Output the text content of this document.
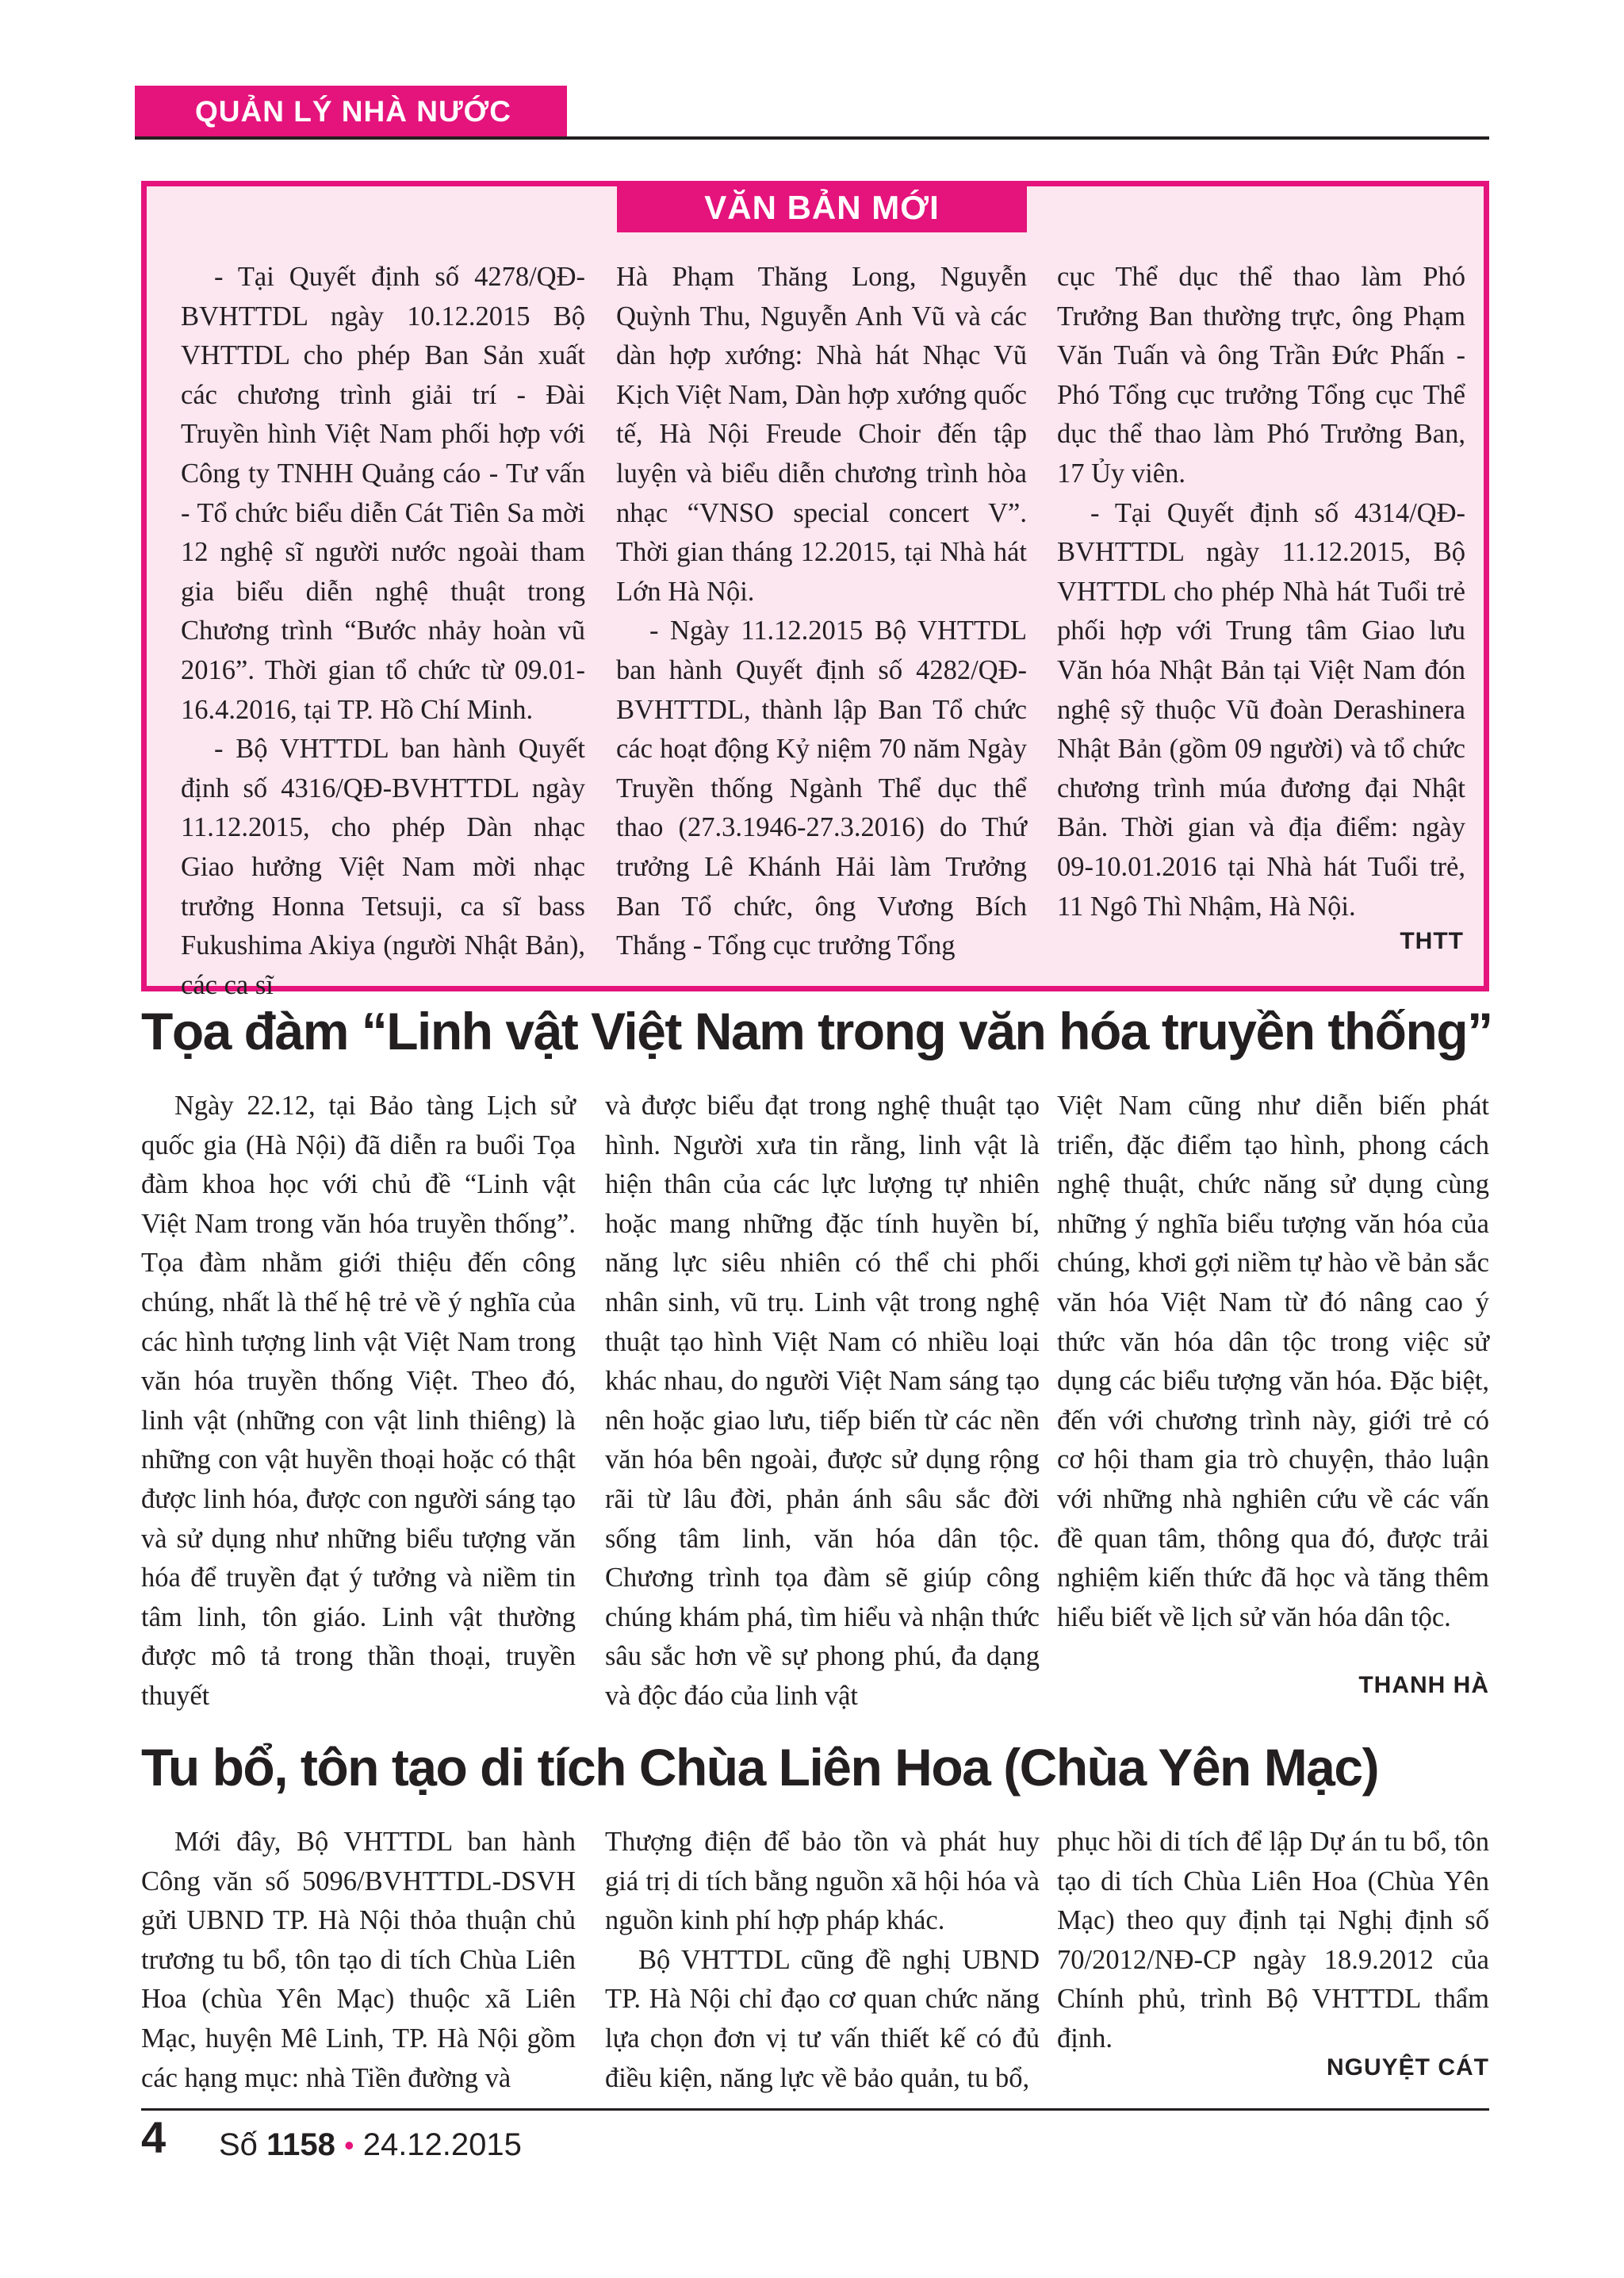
QUẢN LÝ NHÀ NƯỚC
VĂN BẢN MỚI

- Tại Quyết định số 4278/QĐ-BVHTTDL ngày 10.12.2015 Bộ VHTTDL cho phép Ban Sản xuất các chương trình giải trí - Đài Truyền hình Việt Nam phối hợp với Công ty TNHH Quảng cáo - Tư vấn - Tổ chức biểu diễn Cát Tiên Sa mời 12 nghệ sĩ người nước ngoài tham gia biểu diễn nghệ thuật trong Chương trình “Bước nhảy hoàn vũ 2016”. Thời gian tổ chức từ 09.01-16.4.2016, tại TP. Hồ Chí Minh.

- Bộ VHTTDL ban hành Quyết định số 4316/QĐ-BVHTTDL ngày 11.12.2015, cho phép Dàn nhạc Giao hưởng Việt Nam mời nhạc trưởng Honna Tetsuji, ca sĩ bass Fukushima Akiya (người Nhật Bản), các ca sĩ

Hà Phạm Thăng Long, Nguyễn Quỳnh Thu, Nguyễn Anh Vũ và các dàn hợp xướng: Nhà hát Nhạc Vũ Kịch Việt Nam, Dàn hợp xướng quốc tế, Hà Nội Freude Choir đến tập luyện và biểu diễn chương trình hòa nhạc “VNSO special concert V”. Thời gian tháng 12.2015, tại Nhà hát Lớn Hà Nội.

- Ngày 11.12.2015 Bộ VHTTDL ban hành Quyết định số 4282/QĐ-BVHTTDL, thành lập Ban Tổ chức các hoạt động Kỷ niệm 70 năm Ngày Truyền thống Ngành Thể dục thể thao (27.3.1946-27.3.2016) do Thứ trưởng Lê Khánh Hải làm Trưởng Ban Tổ chức, ông Vương Bích Thắng - Tổng cục trưởng Tổng

cục Thể dục thể thao làm Phó Trưởng Ban thường trực, ông Phạm Văn Tuấn và ông Trần Đức Phấn - Phó Tổng cục trưởng Tổng cục Thể dục thể thao làm Phó Trưởng Ban, 17 Ủy viên.

- Tại Quyết định số 4314/QĐ-BVHTTDL ngày 11.12.2015, Bộ VHTTDL cho phép Nhà hát Tuổi trẻ phối hợp với Trung tâm Giao lưu Văn hóa Nhật Bản tại Việt Nam đón nghệ sỹ thuộc Vũ đoàn Derashinera Nhật Bản (gồm 09 người) và tổ chức chương trình múa đương đại Nhật Bản. Thời gian và địa điểm: ngày 09-10.01.2016 tại Nhà hát Tuổi trẻ, 11 Ngô Thì Nhậm, Hà Nội.

THTT
Tọa đàm “Linh vật Việt Nam trong văn hóa truyền thống”

Ngày 22.12, tại Bảo tàng Lịch sử quốc gia (Hà Nội) đã diễn ra buổi Tọa đàm khoa học với chủ đề “Linh vật Việt Nam trong văn hóa truyền thống”. Tọa đàm nhằm giới thiệu đến công chúng, nhất là thế hệ trẻ về ý nghĩa của các hình tượng linh vật Việt Nam trong văn hóa truyền thống Việt. Theo đó, linh vật (những con vật linh thiêng) là những con vật huyền thoại hoặc có thật được linh hóa, được con người sáng tạo và sử dụng như những biểu tượng văn hóa để truyền đạt ý tưởng và niềm tin tâm linh, tôn giáo. Linh vật thường được mô tả trong thần thoại, truyền thuyết

và được biểu đạt trong nghệ thuật tạo hình. Người xưa tin rằng, linh vật là hiện thân của các lực lượng tự nhiên hoặc mang những đặc tính huyền bí, năng lực siêu nhiên có thể chi phối nhân sinh, vũ trụ. Linh vật trong nghệ thuật tạo hình Việt Nam có nhiều loại khác nhau, do người Việt Nam sáng tạo nên hoặc giao lưu, tiếp biến từ các nền văn hóa bên ngoài, được sử dụng rộng rãi từ lâu đời, phản ánh sâu sắc đời sống tâm linh, văn hóa dân tộc. Chương trình tọa đàm sẽ giúp công chúng khám phá, tìm hiểu và nhận thức sâu sắc hơn về sự phong phú, đa dạng và độc đáo của linh vật

Việt Nam cũng như diễn biến phát triển, đặc điểm tạo hình, phong cách nghệ thuật, chức năng sử dụng cùng những ý nghĩa biểu tượng văn hóa của chúng, khơi gợi niềm tự hào về bản sắc văn hóa Việt Nam từ đó nâng cao ý thức văn hóa dân tộc trong việc sử dụng các biểu tượng văn hóa. Đặc biệt, đến với chương trình này, giới trẻ có cơ hội tham gia trò chuyện, thảo luận với những nhà nghiên cứu về các vấn đề quan tâm, thông qua đó, được trải nghiệm kiến thức đã học và tăng thêm hiểu biết về lịch sử văn hóa dân tộc.

THANH HÀ
Tu bổ, tôn tạo di tích Chùa Liên Hoa (Chùa Yên Mạc)

Mới đây, Bộ VHTTDL ban hành Công văn số 5096/BVHTTDL-DSVH gửi UBND TP. Hà Nội thỏa thuận chủ trương tu bổ, tôn tạo di tích Chùa Liên Hoa (chùa Yên Mạc) thuộc xã Liên Mạc, huyện Mê Linh, TP. Hà Nội gồm các hạng mục: nhà Tiền đường và

Thượng điện để bảo tồn và phát huy giá trị di tích bằng nguồn xã hội hóa và nguồn kinh phí hợp pháp khác.

Bộ VHTTDL cũng đề nghị UBND TP. Hà Nội chỉ đạo cơ quan chức năng lựa chọn đơn vị tư vấn thiết kế có đủ điều kiện, năng lực về bảo quản, tu bổ,

phục hồi di tích để lập Dự án tu bổ, tôn tạo di tích Chùa Liên Hoa (Chùa Yên Mạc) theo quy định tại Nghị định số 70/2012/NĐ-CP ngày 18.9.2012 của Chính phủ, trình Bộ VHTTDL thẩm định.

NGUYỆT CÁT
4 Số 1158 • 24.12.2015
